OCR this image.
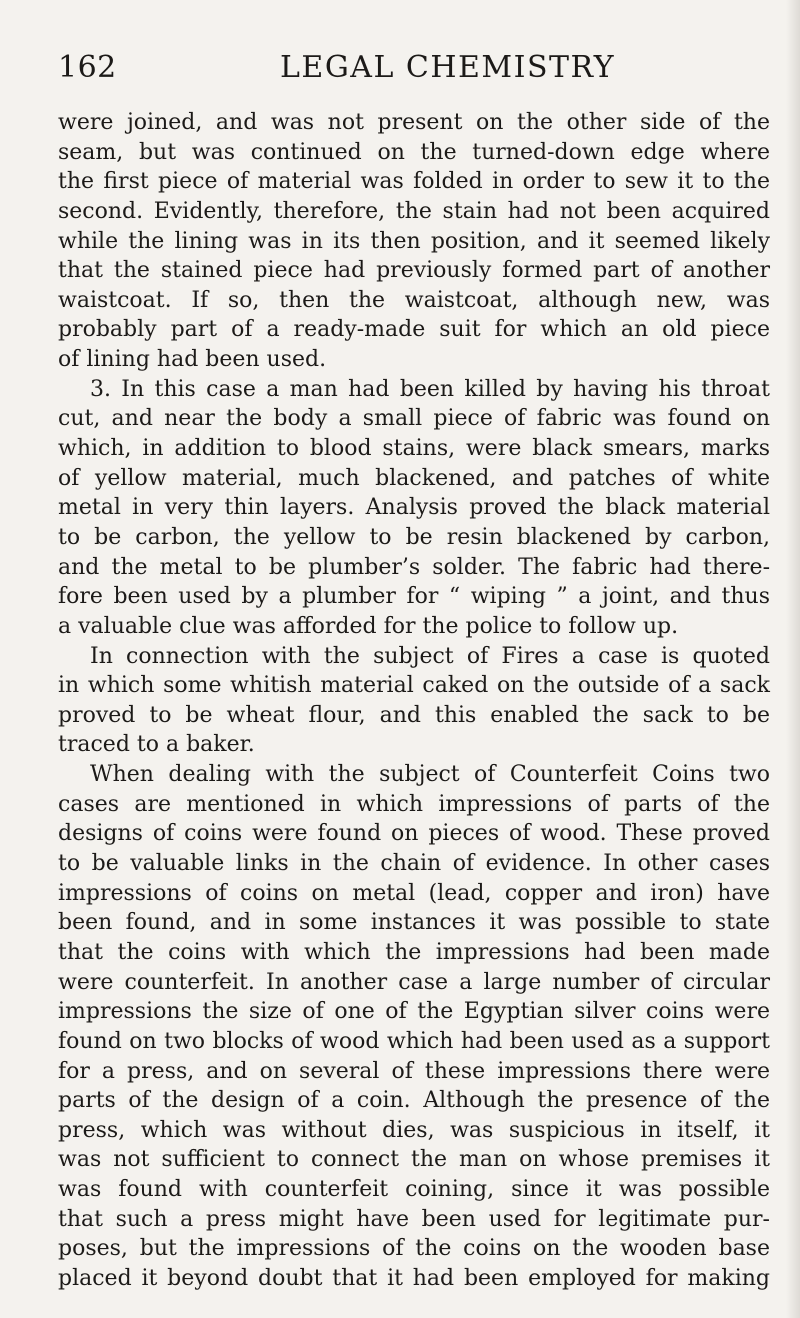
162	LEGAL CHEMISTRY
were joined, and was not present on the other side of the
seam, but was continued on the turned-down edge where
the first piece of material was folded in order to sew it to the
second. Evidently, therefore, the stain had not been acquired
while the lining was in its then position, and it seemed likely
that the stained piece had previously formed part of another
waistcoat. If so, then the waistcoat, although new, was
probably part of a ready-made suit for which an old piece
of lining had been used.
3. In this case a man had been killed by having his throat
cut, and near the body a small piece of fabric was found on
which, in addition to blood stains, were black smears, marks
of yellow material, much blackened, and patches of white
metal in very thin layers. Analysis proved the black material
to be carbon, the yellow to be resin blackened by carbon,
and the metal to be plumber’s solder. The fabric had there-
fore been used by a plumber for “ wiping ” a joint, and thus
a valuable clue was afforded for the police to follow up.
In connection with the subject of Fires a case is quoted
in which some whitish material caked on the outside of a sack
proved to be wheat flour, and this enabled the sack to be
traced to a baker.
When dealing with the subject of Counterfeit Coins two
cases are mentioned in which impressions of parts of the
designs of coins were found on pieces of wood. These proved
to be valuable links in the chain of evidence. In other cases
impressions of coins on metal (lead, copper and iron) have
been found, and in some instances it was possible to state
that the coins with which the impressions had been made
were counterfeit. In another case a large number of circular
impressions the size of one of the Egyptian silver coins were
found on two blocks of wood which had been used as a support
for a press, and on several of these impressions there were
parts of the design of a coin. Although the presence of the
press, which was without dies, was suspicious in itself, it
was not sufficient to connect the man on whose premises it
was found with counterfeit coining, since it was possible
that such a press might have been used for legitimate pur-
poses, but the impressions of the coins on the wooden base
placed it beyond doubt that it had been employed for making
